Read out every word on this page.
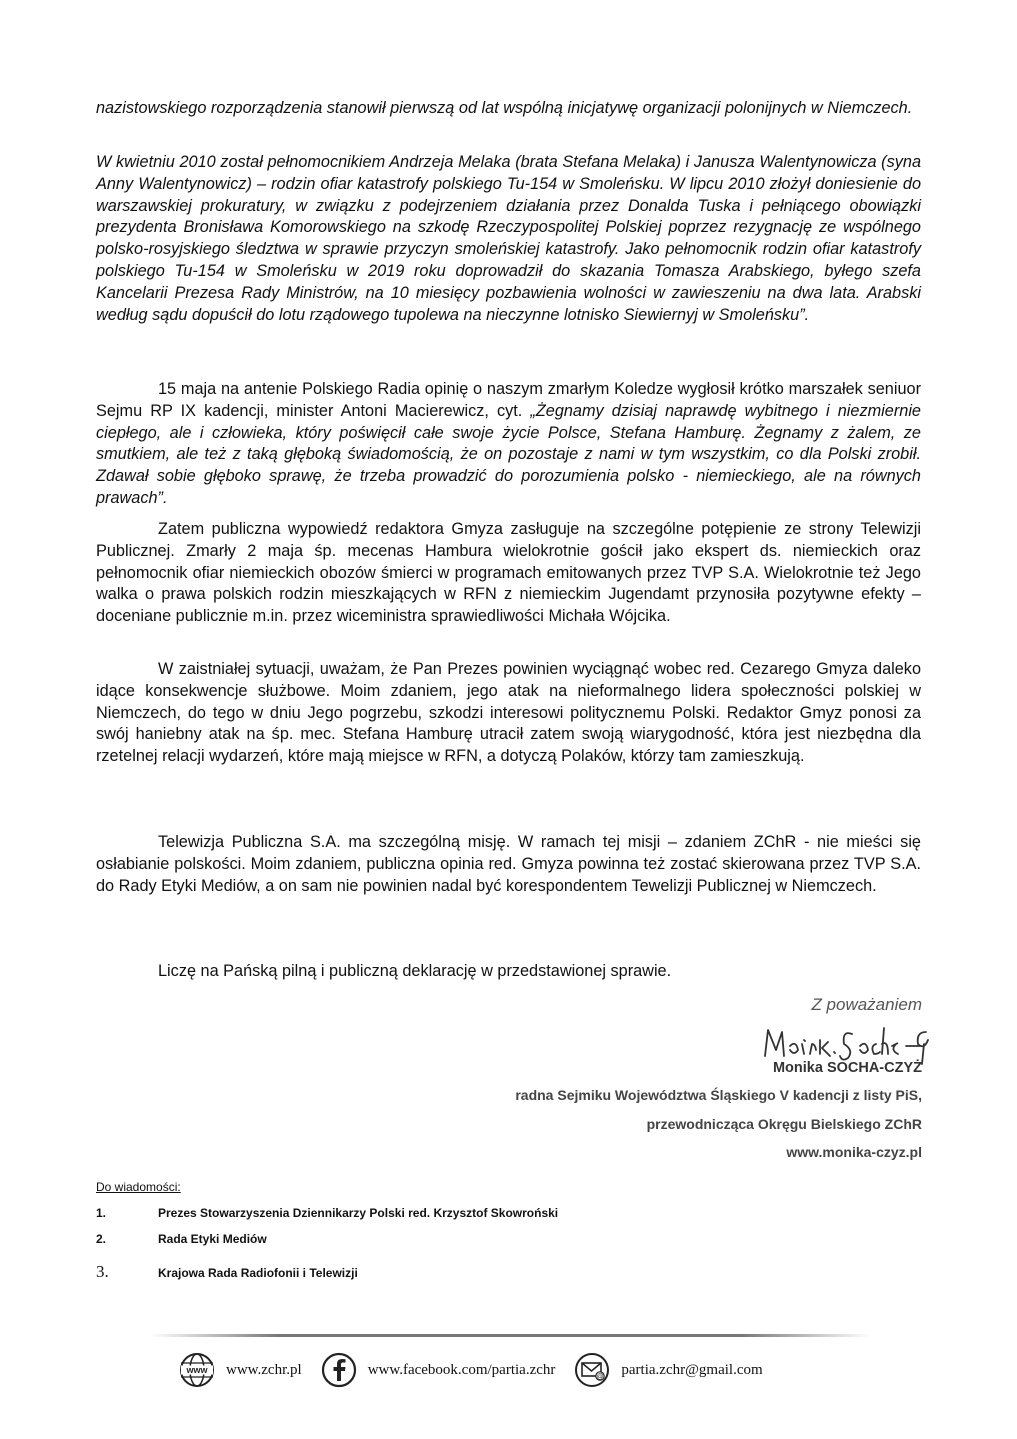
nazistowskiego rozporządzenia stanowił pierwszą od lat wspólną inicjatywę organizacji polonijnych w Niemczech.

W kwietniu 2010 został pełnomocnikiem Andrzeja Melaka (brata Stefana Melaka) i Janusza Walentynowicza (syna Anny Walentynowicz) – rodzin ofiar katastrofy polskiego Tu-154 w Smoleńsku. W lipcu 2010 złożył doniesienie do warszawskiej prokuratury, w związku z podejrzeniem działania przez Donalda Tuska i pełniącego obowiązki prezydenta Bronisława Komorowskiego na szkodę Rzeczypospolitej Polskiej poprzez rezygnację ze wspólnego polsko-rosyjskiego śledztwa w sprawie przyczyn smoleńskiej katastrofy. Jako pełnomocnik rodzin ofiar katastrofy polskiego Tu-154 w Smoleńsku w 2019 roku doprowadził do skazania Tomasza Arabskiego, byłego szefa Kancelarii Prezesa Rady Ministrów, na 10 miesięcy pozbawienia wolności w zawieszeniu na dwa lata. Arabski według sądu dopuścił do lotu rządowego tupolewa na nieczynne lotnisko Siewiernyj w Smoleńsku”.

15 maja na antenie Polskiego Radia opinię o naszym zmarłym Koledze wygłosił krótko marszałek seniuor Sejmu RP IX kadencji, minister Antoni Macierewicz, cyt. „Żegnamy dzisiaj naprawdę wybitnego i niezmiernie ciepłego, ale i człowieka, który poświęcił całe swoje życie Polsce, Stefana Hamburę. Żegnamy z żalem, ze smutkiem, ale też z taką głęboką świadomością, że on pozostaje z nami w tym wszystkim, co dla Polski zrobił. Zdawał sobie głęboko sprawę, że trzeba prowadzić do porozumienia polsko - niemieckiego, ale na równych prawach”.

Zatem publiczna wypowiedź redaktora Gmyza zasługuje na szczególne potępienie ze strony Telewizji Publicznej. Zmarły 2 maja śp. mecenas Hambura wielokrotnie gościł jako ekspert ds. niemieckich oraz pełnomocnik ofiar niemieckich obozów śmierci w programach emitowanych przez TVP S.A. Wielokrotnie też Jego walka o prawa polskich rodzin mieszkających w RFN z niemieckim Jugendamt przynosiła pozytywne efekty – doceniane publicznie m.in. przez wiceministra sprawiedliwości Michała Wójcika.

W zaistniałej sytuacji, uważam, że Pan Prezes powinien wyciągnąć wobec red. Cezarego Gmyza daleko idące konsekwencje służbowe. Moim zdaniem, jego atak na nieformalnego lidera społeczności polskiej w Niemczech, do tego w dniu Jego pogrzebu, szkodzi interesowi politycznemu Polski. Redaktor Gmyz ponosi za swój haniebny atak na śp. mec. Stefana Hamburę utracił zatem swoją wiarygodność, która jest niezbędna dla rzetelnej relacji wydarzeń, które mają miejsce w RFN, a dotyczą Polaków, którzy tam zamieszkują.

Telewizja Publiczna S.A. ma szczególną misję. W ramach tej misji – zdaniem ZChR - nie mieści się osłabianie polskości. Moim zdaniem, publiczna opinia red. Gmyza powinna też zostać skierowana przez TVP S.A. do Rady Etyki Mediów, a on sam nie powinien nadal być korespondentem Tewelizji Publicznej w Niemczech.

Liczę na Pańską pilną i publiczną deklarację w przedstawionej sprawie.

Z poważaniem
Monika SOCHA-CZYŻ
radna Sejmiku Województwa Śląskiego V kadencji z listy PiS,
przewodnicząca Okręgu Bielskiego ZChR
www.monika-czyz.pl
Do wiadomości:
1.	Prezes Stowarzyszenia Dziennikarzy Polski red. Krzysztof Skowroński
2.	Rada Etyki Mediów
3.	Krajowa Rada Radiofonii i Telewizji
www www.zchr.pl	www.facebook.com/partia.zchr	@ partia.zchr@gmail.com
